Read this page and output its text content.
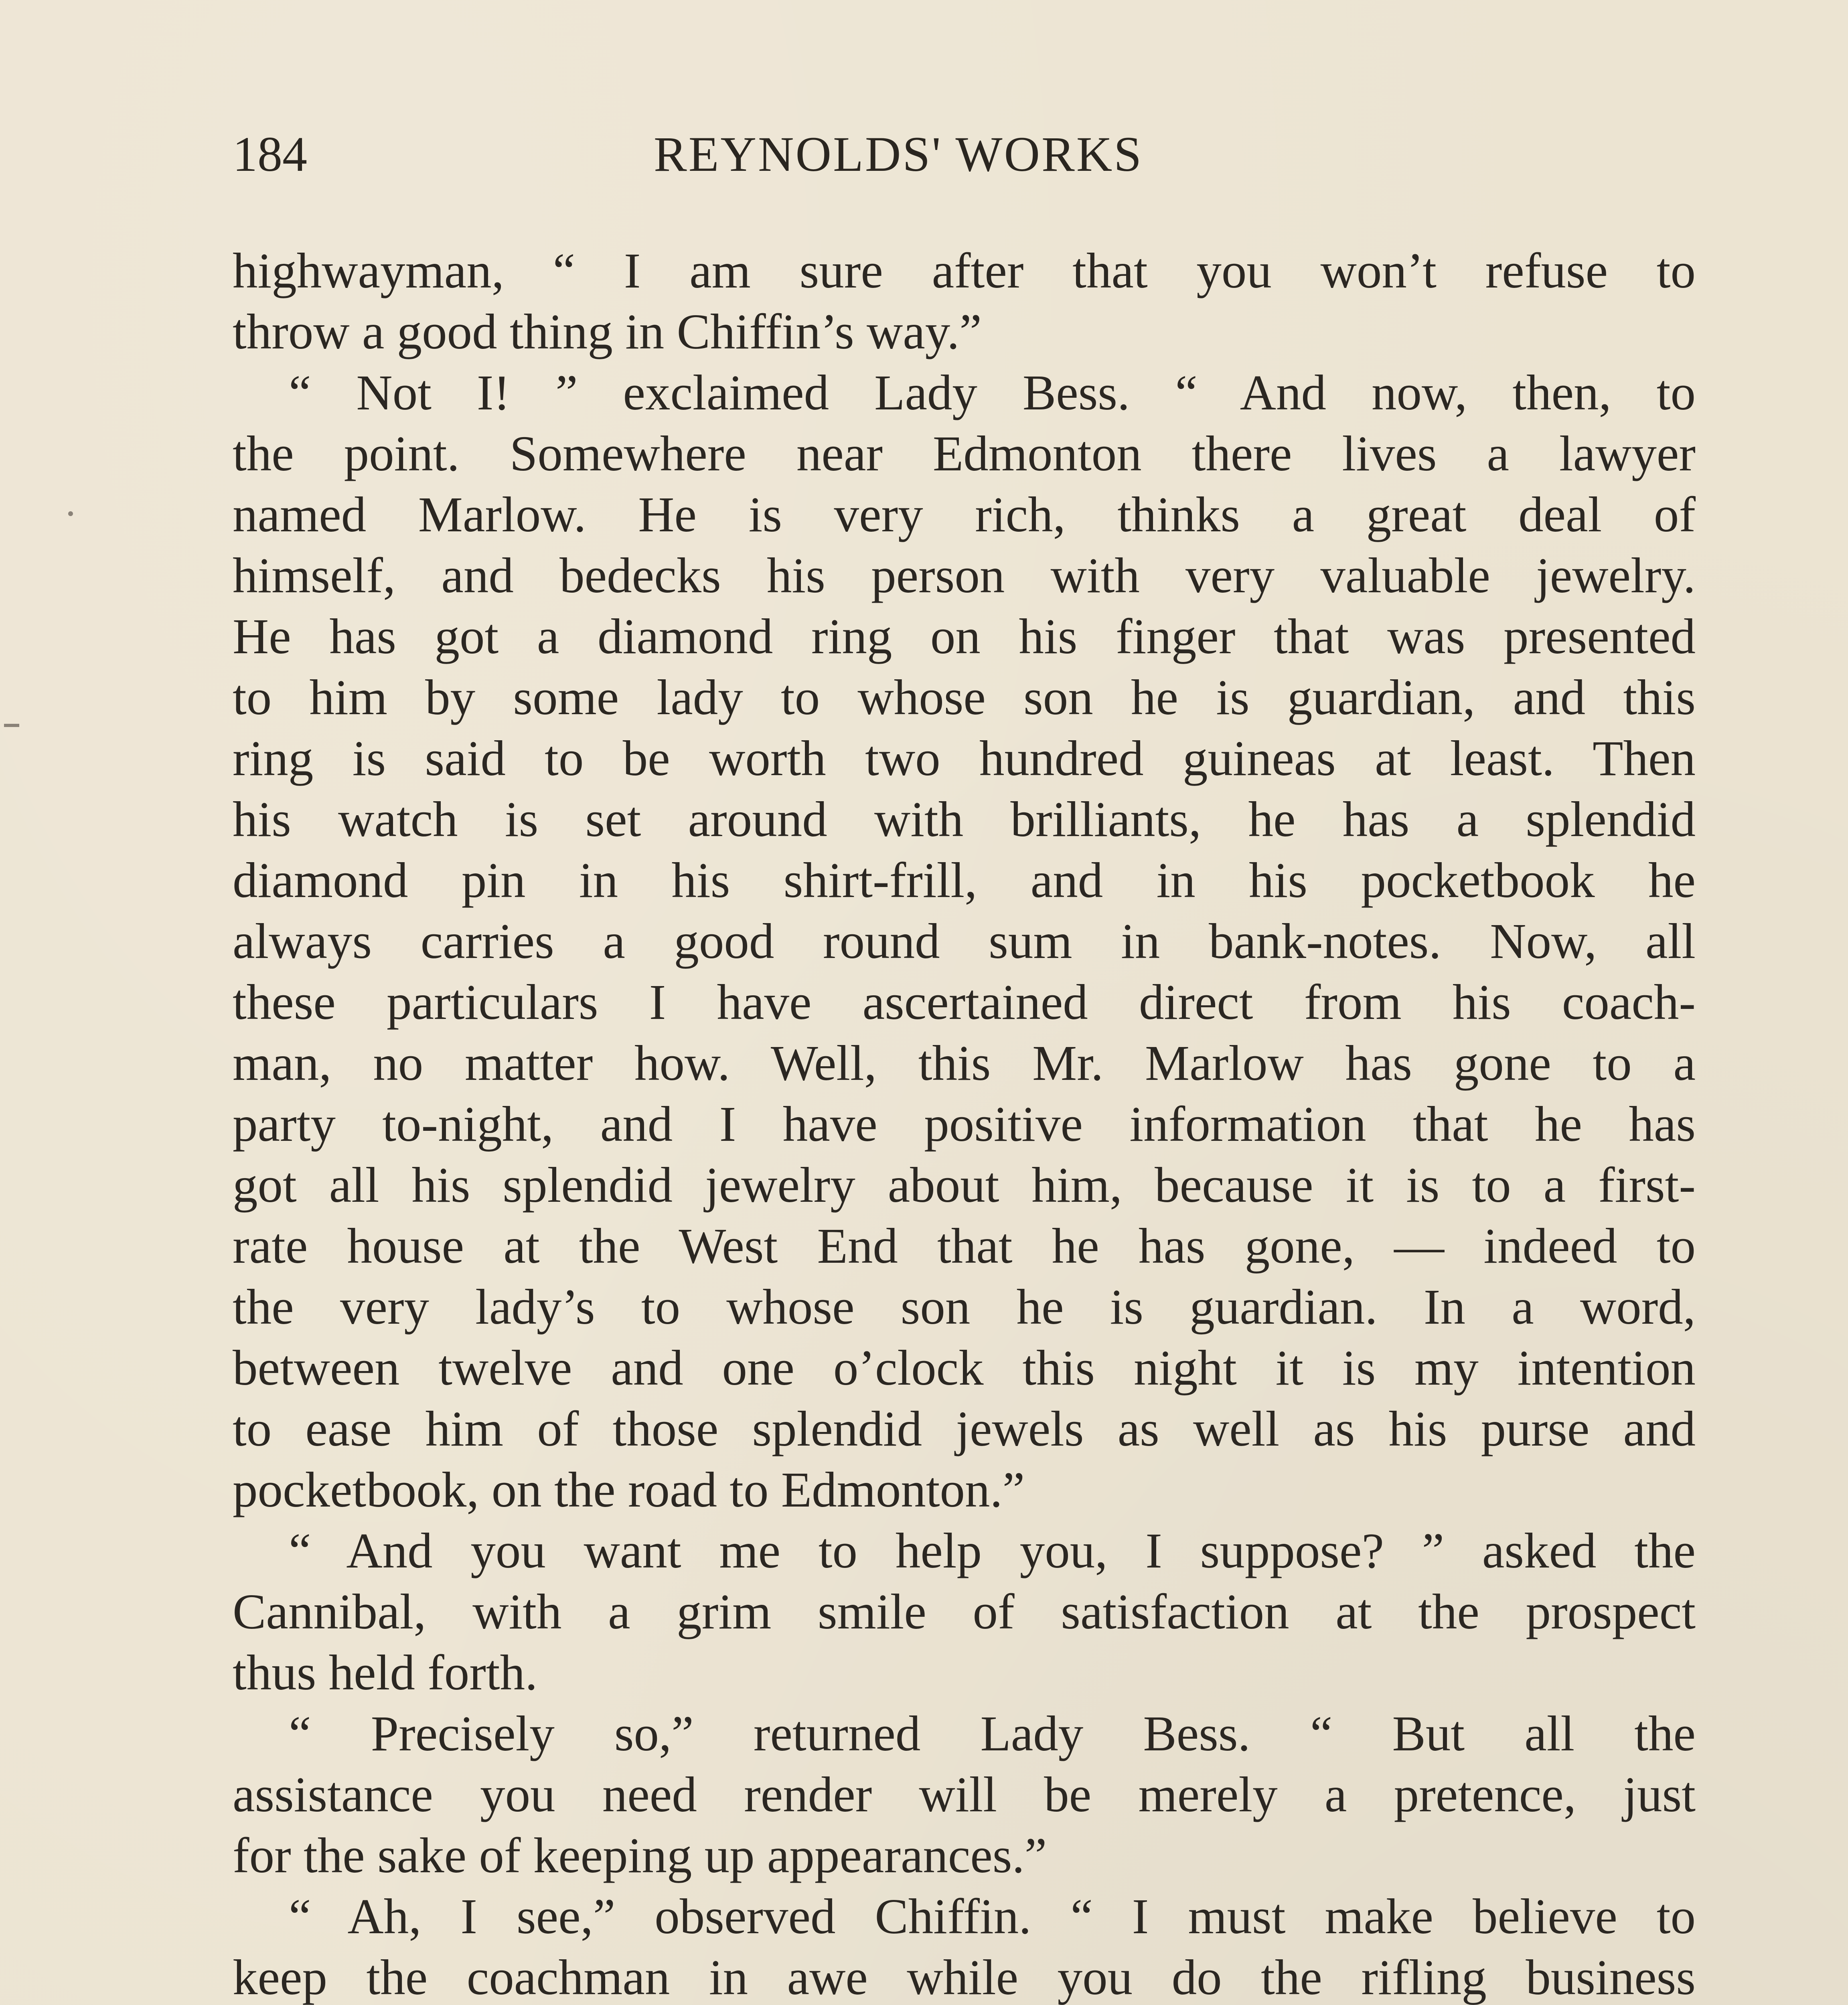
184	REYNOLDS' WORKS
highwayman, “ I am sure after that you won’t refuse to
throw a good thing in Chiffin’s way.”
“ Not I! ” exclaimed Lady Bess. “ And now, then, to
the point. Somewhere near Edmonton there lives a lawyer
named Marlow. He is very rich, thinks a great deal of
himself, and bedecks his person with very valuable jewelry.
He has got a diamond ring on his finger that was presented
to him by some lady to whose son he is guardian, and this
ring is said to be worth two hundred guineas at least. Then
his watch is set around with brilliants, he has a splendid
diamond pin in his shirt-frill, and in his pocketbook he
always carries a good round sum in bank-notes. Now, all
these particulars I have ascertained direct from his coach-
man, no matter how. Well, this Mr. Marlow has gone to a
party to-night, and I have positive information that he has
got all his splendid jewelry about him, because it is to a first-
rate house at the West End that he has gone, — indeed to
the very lady’s to whose son he is guardian. In a word,
between twelve and one o’clock this night it is my intention
to ease him of those splendid jewels as well as his purse and
pocketbook, on the road to Edmonton.”
“ And you want me to help you, I suppose? ” asked the
Cannibal, with a grim smile of satisfaction at the prospect
thus held forth.
“ Precisely so,” returned Lady Bess. “ But all the
assistance you need render will be merely a pretence, just
for the sake of keeping up appearances.”
“ Ah, I see,” observed Chiffin. “ I must make believe to
keep the coachman in awe while you do the rifling business
